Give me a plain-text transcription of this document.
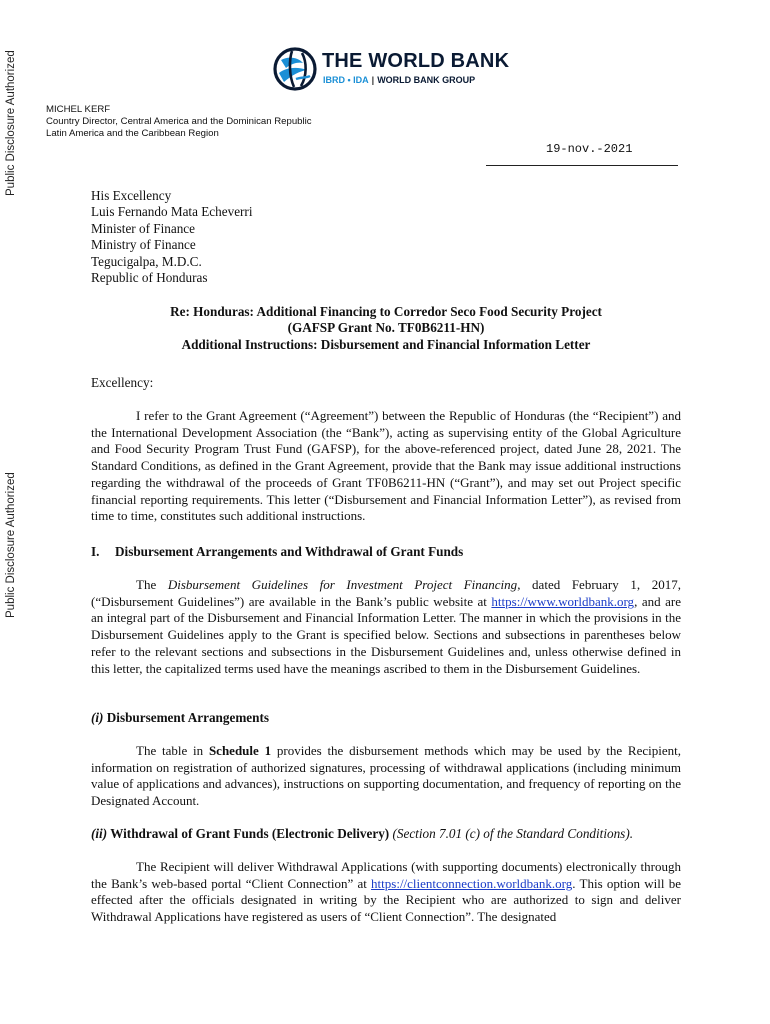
Public Disclosure Authorized
Public Disclosure Authorized
THE WORLD BANK
IBRD • IDA | WORLD BANK GROUP
MICHEL KERF
Country Director, Central America and the Dominican Republic
Latin America and the Caribbean Region
19-nov.-2021
His Excellency
Luis Fernando Mata Echeverri
Minister of Finance
Ministry of Finance
Tegucigalpa, M.D.C.
Republic of Honduras
Re: Honduras: Additional Financing to Corredor Seco Food Security Project
(GAFSP Grant No. TF0B6211-HN)
Additional Instructions: Disbursement and Financial Information Letter
Excellency:
I refer to the Grant Agreement (“Agreement”) between the Republic of Honduras (the “Recipient”) and the International Development Association (the “Bank”), acting as supervising entity of the Global Agriculture and Food Security Program Trust Fund (GAFSP), for the above-referenced project, dated June 28, 2021. The Standard Conditions, as defined in the Grant Agreement, provide that the Bank may issue additional instructions regarding the withdrawal of the proceeds of Grant TF0B6211-HN (“Grant”), and may set out Project specific financial reporting requirements. This letter (“Disbursement and Financial Information Letter”), as revised from time to time, constitutes such additional instructions.
I. Disbursement Arrangements and Withdrawal of Grant Funds
The Disbursement Guidelines for Investment Project Financing, dated February 1, 2017, (“Disbursement Guidelines”) are available in the Bank’s public website at https://www.worldbank.org, and are an integral part of the Disbursement and Financial Information Letter. The manner in which the provisions in the Disbursement Guidelines apply to the Grant is specified below. Sections and subsections in parentheses below refer to the relevant sections and subsections in the Disbursement Guidelines and, unless otherwise defined in this letter, the capitalized terms used have the meanings ascribed to them in the Disbursement Guidelines.
(i) Disbursement Arrangements
The table in Schedule 1 provides the disbursement methods which may be used by the Recipient, information on registration of authorized signatures, processing of withdrawal applications (including minimum value of applications and advances), instructions on supporting documentation, and frequency of reporting on the Designated Account.
(ii) Withdrawal of Grant Funds (Electronic Delivery) (Section 7.01 (c) of the Standard Conditions).
The Recipient will deliver Withdrawal Applications (with supporting documents) electronically through the Bank’s web-based portal “Client Connection” at https://clientconnection.worldbank.org. This option will be effected after the officials designated in writing by the Recipient who are authorized to sign and deliver Withdrawal Applications have registered as users of “Client Connection”. The designated
